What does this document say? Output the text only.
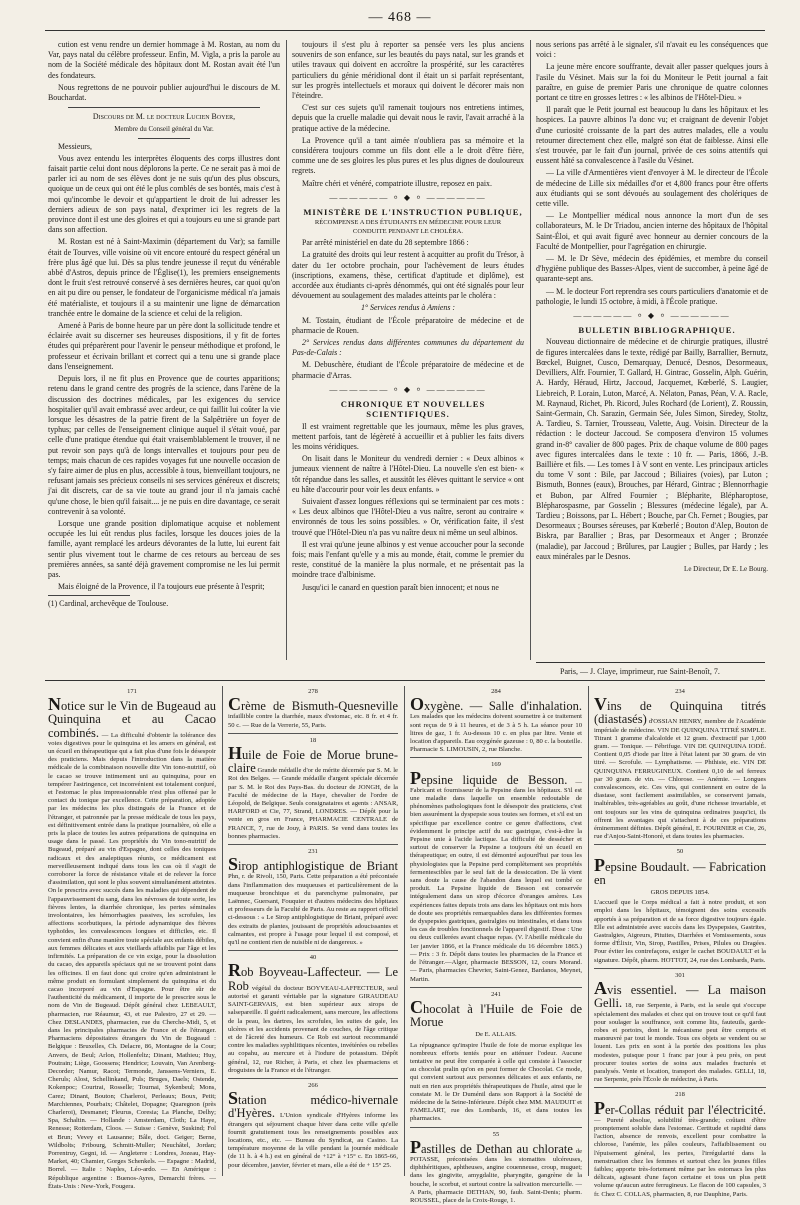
— 468 —

cution est venu rendre un dernier hommage à M. Rostan, au nom du Var, pays natal du célèbre professeur. Enfin, M. Vigla, a pris la parole au nom de la Société médicale des hôpitaux dont M. Rostan avait été l'un des fondateurs.

Nous regrettons de ne pouvoir publier aujourd'hui le discours de M. Bouchardat.

Discours de M. le docteur Lucien Boyer,

Membre du Conseil général du Var.

Messieurs,

Vous avez entendu les interprètes éloquents des corps illustres dont faisait partie celui dont nous déplorons la perte. Ce ne serait pas à moi de parler ici au nom de ses élèves dont je ne suis qu'un des plus obscurs, quoique un de ceux qui ont été le plus comblés de ses bontés, mais c'est à moi qu'incombe le devoir et qu'appartient le droit de lui adresser les derniers adieux de son pays natal, d'exprimer ici les regrets de la province dont il est une des gloires et qui a toujours eu une si grande part dans son affection.

M. Rostan est né à Saint-Maximin (département du Var); sa famille était de Tourves, ville voisine où vit encore entouré du respect général un frère plus âgé que lui. Dès sa plus tendre jeunesse il reçut du vénérable abbé d'Astros, depuis prince de l'Église(1), les premiers enseignements dont le fruit s'est retrouvé conservé à ses dernières heures, car quoi qu'on en ait pu dire ou penser, le fondateur de l'organicisme médical n'a jamais été matérialiste, et toujours il a su maintenir une ligne de démarcation tranchée entre le domaine de la science et celui de la religion.

Amené à Paris de bonne heure par un père dont la sollicitude tendre et éclairée avait su discerner ses heureuses dispositions, il y fit de fortes études qui préparèrent pour l'avenir le penseur méthodique et profond, le professeur et écrivain brillant et correct qui a tenu une si grande place dans l'enseignement.

Depuis lors, il ne fit plus en Provence que de courtes apparitions; retenu dans le grand centre des progrès de la science, dans l'arène de la discussion des doctrines médicales, par les exigences du service hospitalier qu'il avait embrassé avec ardeur, ce qui faillit lui coûter la vie lorsque les désastres de la patrie firent de la Salpêtrière un foyer de typhus; par celles de l'enseignement clinique auquel il s'était voué, par celle d'une pratique étendue qui était vraisemblablement le trouver, il ne put revoir son pays qu'à de longs intervalles et toujours pour peu de temps; mais chacun de ces rapides voyages fut une nouvelle occasion de s'y faire aimer de plus en plus, accessible à tous, bienveillant toujours, ne refusant jamais ses précieux conseils ni ses services généreux et discrets; j'ai dit discrets, car de sa vie toute au grand jour il n'a jamais caché qu'une chose, le bien qu'il faisait.... je ne puis en dire davantage, ce serait contrevenir à sa volonté.

Lorsque une grande position diplomatique acquise et noblement occupée les lui eût rendus plus faciles, lorsque les douces joies de la famille, ayant remplacé les ardeurs dévorantes de la lutte, lui eurent fait sentir plus vivement tout le charme de ces retours au berceau de ses premières années, sa santé déjà gravement compromise ne les lui permit pas.

Mais éloigné de la Provence, il l'a toujours eue présente à l'esprit;

(1) Cardinal, archevêque de Toulouse.

toujours il s'est plu à reporter sa pensée vers les plus anciens souvenirs de son enfance, sur les beautés du pays natal, sur les grands et utiles travaux qui doivent en accroître la prospérité, sur les caractères particuliers du génie méridional dont il était un si parfait représentant, sur les progrès intellectuels et moraux qui doivent le décorer mais non l'éteindre.

C'est sur ces sujets qu'il ramenait toujours nos entretiens intimes, depuis que la cruelle maladie qui devait nous le ravir, l'avait arraché à la pratique active de la médecine.

La Provence qu'il a tant aimée n'oubliera pas sa mémoire et la considérera toujours comme un fils dont elle a le droit d'être fière, comme une de ses gloires les plus pures et les plus dignes de douloureux regrets.

Maître chéri et vénéré, compatriote illustre, reposez en paix.

—————— ⸰ ◆ ⸰ ——————

MINISTÈRE DE L'INSTRUCTION PUBLIQUE,

RÉCOMPENSE A DES ÉTUDIANTS EN MÉDECINE POUR LEUR CONDUITE PENDANT LE CHOLÉRA.

Par arrêté ministériel en date du 28 septembre 1866 :

La gratuité des droits qui leur restent à acquitter au profit du Trésor, à dater du 1er octobre prochain, pour l'achèvement de leurs études (inscriptions, examens, thèse, certificat d'aptitude et diplôme), est accordée aux étudiants ci-après dénommés, qui ont été signalés pour leur dévouement au soulagement des malades atteints par le choléra :

1° Services rendus à Amiens :

M. Tostain, étudiant de l'École préparatoire de médecine et de pharmacie de Rouen.

2° Services rendus dans différentes communes du département du Pas-de-Calais :

M. Debuschère, étudiant de l'École préparatoire de médecine et de pharmacie d'Arras.

—————— ⸰ ◆ ⸰ ——————

CHRONIQUE ET NOUVELLES SCIENTIFIQUES.

Il est vraiment regrettable que les journaux, même les plus graves, mettent parfois, tant de légèreté à accueillir et à publier les faits divers les moins véridiques.

On lisait dans le Moniteur du vendredi dernier : « Deux albinos « jumeaux viennent de naître à l'Hôtel-Dieu. La nouvelle s'en est bien- « tôt répandue dans les salles, et aussitôt les élèves quittant le service « ont eu hâte d'accourir pour voir les deux enfants. »

Suivaient d'assez longues réflexions qui se terminaient par ces mots : « Les deux albinos que l'Hôtel-Dieu a vus naître, seront au contraire « environnés de tous les soins possibles. » Or, vérification faite, il s'est trouvé que l'Hôtel-Dieu n'a pas vu naître deux ni même un seul albinos.

Il est vrai qu'une jeune albinos y est venue accoucher pour la seconde fois; mais l'enfant qu'elle y a mis au monde, était, comme le premier du reste, constitué de la manière la plus normale, et ne présentait pas la moindre trace d'albinisme.

Jusqu'ici le canard en question paraît bien innocent; et nous ne

nous serions pas arrêté à le signaler, s'il n'avait eu les conséquences que voici :

La jeune mère encore souffrante, devait aller passer quelques jours à l'asile du Vésinet. Mais sur la foi du Moniteur le Petit journal a fait paraître, en guise de premier Paris une chronique de quatre colonnes portant ce titre en grosses lettres : « les albinos de l'Hôtel-Dieu. »

Il paraît que le Petit journal est beaucoup lu dans les hôpitaux et les hospices. La pauvre albinos l'a donc vu; et craignant de devenir l'objet d'une curiosité croissante de la part des autres malades, elle a voulu retourner directement chez elle, malgré son état de faiblesse. Ainsi elle s'est trouvée, par le fait d'un journal, privée de ces soins attentifs qui eussent hâté sa convalescence à l'asile du Vésinet.

— La ville d'Armentières vient d'envoyer à M. le directeur de l'École de médecine de Lille six médailles d'or et 4,800 francs pour être offerts aux étudiants qui se sont dévoués au soulagement des cholériques de cette ville.

— Le Montpellier médical nous annonce la mort d'un de ses collaborateurs, M. le Dr Triadou, ancien interne des hôpitaux de l'hôpital Saint-Éloi, et qui avait figuré avec honneur au dernier concours de la Faculté de Montpellier, pour l'agrégation en chirurgie.

— M. le Dr Sève, médecin des épidémies, et membre du conseil d'hygiène publique des Basses-Alpes, vient de succomber, à peine âgé de quarante-sept ans.

— M. le docteur Fort reprendra ses cours particuliers d'anatomie et de pathologie, le lundi 15 octobre, à midi, à l'École pratique.

—————— ⸰ ◆ ⸰ ——————

BULLETIN BIBLIOGRAPHIQUE.

Nouveau dictionnaire de médecine et de chirurgie pratiques, illustré de figures intercalées dans le texte, rédigé par Bailly, Barrallier, Bernutz, Bœckel, Buignet, Cusco, Demarquay, Denucé, Desnos, Desormeaux, Devilliers, Alfr. Fournier, T. Gallard, H. Gintrac, Gosselin, Alph. Guérin, A. Hardy, Héraud, Hirtz, Jaccoud, Jacquemet, Kœberlé, S. Laugier, Liebreich, P. Lorain, Luton, Marcé, A. Nélaton, Panas, Péan, V. A. Racle, M. Raynaud, Richet, Ph. Ricord, Jules Rochard (de Lorient), Z. Roussin, Saint-Germain, Ch. Sarazin, Germain Sée, Jules Simon, Siredey, Stoltz, A. Tardieu, S. Tarnier, Trousseau, Valette, Aug. Voisin. Directeur de la rédaction : le docteur Jaccoud. Se composera d'environ 15 volumes grand in-8° cavalier de 800 pages. Prix de chaque volume de 800 pages avec figures intercalées dans le texte : 10 fr. — Paris, 1866, J.-B. Baillière et fils. — Les tomes I à V sont en vente. Les principaux articles du tome V sont : Bile, par Jaccoud ; Biliaires (voies), par Luton ; Bismuth, Bonnes (eaux), Brouches, par Hérard, Gintrac ; Blennorrhagie et Bubon, par Alfred Fournier ; Blépharite, Blépharoptose, Blépharospasme, par Gosselin ; Blessures (médecine légale), par A. Tardieu ; Boissons, par L. Hébert ; Bouche, par Ch. Fernet ; Bougies, par Desormeaux ; Bourses séreuses, par Kœberlé ; Bouton d'Alep, Bouton de Biskra, par Barallier ; Bras, par Desormeaux et Anger ; Bronzée (maladie), par Jaccoud ; Brûlures, par Laugier ; Bulles, par Hardy ; les eaux minérales par le Desnos.

Le Directeur, Dr E. Le Bourg.

Paris, — J. Claye, imprimeur, rue Saint-Benoît, 7.
171

Notice sur le Vin de Bugeaud au Quinquina et au Cacao combinés. — La difficulté d'obtenir la tolérance des voies digestives pour le quinquina et les amers en général, est un écueil en thérapeutique qui a fait plus d'une fois le désespoir des praticiens. Mais depuis l'introduction dans la matière médicale de la combinaison nouvelle dite Vin tono-nutritif, où le cacao se trouve intimement uni au quinquina, pour en tempérer l'astringence, cet inconvénient est totalement conjuré, et l'estomac le plus impressionnable n'est plus offensé par le contact du tonique par excellence. Cette préparation, adoptée par les médecins les plus distingués de la France et de l'étranger, et patronnée par la presse médicale de tous les pays, est définitivement entrée dans la pratique journalière, où elle a pris la place de toutes les autres préparations de quinquina en usage dans le passé. Les propriétés du Vin tono-nutritif de Bugeaud, préparé au vin d'Espagne, dont celles des toniques radicaux et des analeptiques réunis, ce médicament est merveilleusement indiqué dans tous les cas où il s'agit de corroborer la force de résistance vitale et de relever la force d'assimilation, qui sont le plus souvent simultanément atteintes. On le prescrira avec succès dans les maladies qui dépendent de l'appauvrissement du sang, dans les névroses de toute sorte, les fièvres lentes, la diarrhée chronique, les pertes séminales involontaires, les hémorrhagies passives, les scrofules, les affections scorbutiques, la période adynamique des fièvres typhoïdes, les convalescences longues et difficiles, etc. Il convient enfin d'une manière toute spéciale aux enfants débiles, aux femmes délicates et aux vieillards affaiblis par l'âge et les infirmités. La préparation de ce vin exige, pour la dissolution du cacao, des appareils spéciaux qui ne se trouvent point dans les officines. Il en faut donc qui croire qu'en administrant le même produit en formulant simplement du quinquina et du cacao incorporé au vin d'Espagne. Pour être sûr de l'authenticité du médicament, il importe de le prescrire sous le nom de Vin de Bugeaud. Dépôt général chez LEBEAULT, pharmacien, rue Réaumur, 43, et rue Palestro, 27 et 29. — Chez DESLANDES, pharmacien, rue du Cherche-Midi, 5, et dans les principales pharmacies de France et de l'étranger. Pharmaciens dépositaires étrangers du Vin de Bugeaud : Belgique : Bruxelles, Ch. Delacre, 86, Montagne de la Cour; Anvers, de Beul; Arlon, Hollenfeltz; Dinant, Mathieu; Huy, Poutrain; Liège, Goossens; Hendrice; Louvain, Van Arenberg-Decorder; Namur, Racot; Termonde, Janssens-Verniers, E. Cheruls; Alost, Schellinkand, Puls; Bruges, Daels; Ostende, Kokenpoc; Courtrai, Rosselle; Tournai, Sykenbeul; Mons, Carez; Dinant, Bouton; Charleroi, Perleaux; Boux, Petit; Marchiennes, Pourbaix; Châtelet, Dopagne; Quaregnon (près Charleroi), Desmanet; Fleurus, Coresia; La Planche, Delhy; Spa, Schaltin. — Hollande : Amsterdam, Cloth; La Haye, Renesse; Rotterdam, Cloos. — Suisse : Genève, Suskind; Fol et Brun; Vevey et Lausanne; Bâle, doct. Geiger; Berne, Wildbolts; Fribourg, Schmitt-Muller; Neuchâtel, Jordan; Porrentruy, Gegni, id. — Angleterre : Londres, Jozeau, Hay-Market, 40; Chamier, Gorges Schenkels. — Espagne : Madrid, Borrel. — Italie : Naples, Léo-ardo. — En Amérique : République argentine : Buenos-Ayres, Demarchi frères. — États-Unis : New-York, Fougera.

278

Crème de Bismuth-Quesneville infaillible contre la diarrhée, maux d'estomac, etc. 8 fr. et 4 fr. 50 c. — Rue de la Verrerie, 55, Paris.

18

Huile de Foie de Morue brune-claire Grande médaille d'or de mérite décernée par S. M. le Roi des Belges. — Grande médaille d'argent spéciale décernée par S. M. le Roi des Pays-Bas. du docteur de JONGH, de la Faculté de médecine de la Haye, chevalier de l'ordre de Léopold, de Belgique. Seuls consignataires et agents : ANSAR, HARFORD et Cie, 77, Strand, LONDRES. — Dépôt pour la vente en gros en France, PHARMACIE CENTRALE de FRANCE, 7, rue de Jouy, à PARIS. Se vend dans toutes les bonnes pharmacies.

231

Sirop antiphlogistique de Briant Phn, r. de Rivoli, 150, Paris. Cette préparation a été préconisée dans l'inflammation des muqueuses et particulièrement de la muqueuse bronchique et du parenchyme pulmonaire, par Laënnec, Guersant, Fouquier et d'autres médecins des hôpitaux et professeurs de la Faculté de Paris. Au reste au rapport officiel ci-dessous : « Le Sirop antiphlogistique de Briant, préparé avec des extraits de plantes, jouissant de propriétés adoucissantes et calmantes, est propre à l'usage pour lequel il est composé, et qu'il ne contient rien de nuisible ni de dangereux. »

40

Rob Boyveau-Laffecteur. — Le Rob végétal du docteur BOYVEAU-LAFFECTEUR, seul autorisé et garanti véritable par la signature GIRAUDEAU SAINT-GERVAIS, est bien supérieur aux sirops de salsepareille. Il guérit radicalement, sans mercure, les affections de la peau, les dartres, les scrofules, les suites de gale, les ulcères et les accidents provenant de couches, de l'âge critique et de l'âcreté des humeurs. Ce Rob est surtout recommandé contre les maladies syphilitiques récentes, invétérées ou rebelles au copahu, au mercure et à l'iodure de potassium. Dépôt général, 12, rue Richer, à Paris, et chez les pharmaciens et droguistes de la France et de l'étranger.

266

Station médico-hivernale d'Hyères. L'Union syndicale d'Hyères informe les étrangers qui séjournent chaque hiver dans cette ville qu'elle fournit gratuitement tous les renseignements possibles aux locations, etc., etc. — Bureau du Syndicat, au Casino. La température moyenne de la ville pendant la journée médicale (de 11 h. à 4 h.) est en général de +12° à +15° c. En 1865-66, pour décembre, janvier, février et mars, elle a été de + 15° 25.

284

Oxygène. — Salle d'inhalation. Les malades que les médecins doivent soumettre à ce traitement sont reçus de 9 à 11 heures, et de 3 à 5 h. La séance pour 10 litres de gaz, 1 fr. Au-dessus 10 c. en plus par litre. Vente et location d'appareils. Eau oxygénée gazeuse : 0, 80 c. la bouteille. Pharmacie S. LIMOUSIN, 2, rue Blanche.

169

Pepsine liquide de Besson. — Fabricant et fournisseur de la Pepsine dans les hôpitaux. S'il est une maladie dans laquelle un ensemble redoutable de phénomènes pathologiques font le désespoir des praticiens, c'est bien assurément la dyspepsie sous toutes ses formes, et s'il est un spécifique par excellence contre ce genre d'affections, c'est évidemment le principe actif du suc gastrique, c'est-à-dire la Pepsine unie à l'acide lactique. La difficulté de dessécher et surtout de conserver la Pepsine a toujours été un écueil en thérapeutique; en outre, il est démontré aujourd'hui par tous les physiologistes que la Pepsine perd complètement ses propriétés fermentescibles par le seul fait de la dessiccation. De là vient sans doute la cause de l'abandon dans lequel est tombé ce produit. La Pepsine liquide de Besson est conservée intégralement dans un sirop d'écorce d'oranges amères. Les expériences faites depuis trois ans dans les hôpitaux ont mis hors de doute ses propriétés remarquables dans les différentes formes de dyspepsies gastriques, gastralgies ou intestinales, et dans tous les cas de troubles fonctionnels de l'appareil digestif. Dose : Une ou deux cuillerées avant chaque repas. (V. l'Abeille médicale du 1er janvier 1866, et la France médicale du 16 décembre 1865.) — Prix : 3 fr. Dépôt dans toutes les pharmacies de la France et de l'étranger.—Alger, pharmacie BESSON, 12, cours Morand. — Paris, pharmacies Chevrier, Saint-Genez, Bardanos, Meynet, Martin.

241

Chocolat à l'Huile de Foie de Morue

De E. ALLAIS.

La répugnance qu'inspire l'huile de foie de morue explique les nombreux efforts tentés pour en atténuer l'odeur. Aucune tentative ne peut être comparée à celle qui consiste à l'associer au chocolat pralin qu'on en peut former de Chocolat. Ce mode, qui convient surtout aux personnes délicates et aux enfants, ne nuit en rien aux propriétés thérapeutiques de l'huile, ainsi que le constate M. le Dr Duménil dans son Rapport à la Société de médecine de la Seine-Inférieure. Dépôt chez MM. MAUDUIT et FAMELART, rue des Lombards, 16, et dans toutes les pharmacies.

55

Pastilles de Dethan au chlorate de POTASSE, préconisées dans les stomatites ulcéreuses, diphthéritiques, aphtheuses, angine couenneuse, croup, muguet; dans les gingivite, amygdalite, pharyngite, gangrène de la bouche, le scorbut, et surtout contre la salivation mercurielle. — A Paris, pharmacie DETHAN, 90, faub. Saint-Denis; pharm. ROUSSEL, place de la Croix-Rouge, 1.

234

Vins de Quinquina titrés (diastasés) d'OSSIAN HENRY, membre de l'Académie impériale de médecine. VIN DE QUINQUINA TITRÉ SIMPLE. Titrant 1 gramme d'alcaloïde et 12 gram. d'extractif par 1,000 gram. — Tonique. — Fébrifuge. VIN DE QUINQUINA IODÉ. Contient 0,05 d'iode par litre à l'état latent par 30 gram. de vin titré. — Scrofule. — Lymphatisme. — Phthisie, etc. VIN DE QUINQUINA FERRUGINEUX. Contient 0,10 de sel ferreux par 30 gram. de vin. — Chlorose. — Anémie. — Longues convalescences, etc. Ces vins, qui contiennent en outre de la diastase, sont facilement assimilables, se conservent jamais, inaltérables, très-agréables au goût, d'une richesse invariable, et ont toujours sur les vins de quinquina ordinaires jusqu'ici, ils offrent les avantages qui s'attachent à de ces préparations éminemment définies. Dépôt général, E. FOURNIER et Cie, 26, rue d'Anjou-Saint-Honoré, et dans toutes les pharmacies.

50

Pepsine Boudault. — Fabrication en

GROS DEPUIS 1854.

L'accueil que le Corps médical a fait à notre produit, et son emploi dans les hôpitaux, témoignent des soins excessifs apportés à sa préparation et de sa force digestive toujours égale. Elle est administrée avec succès dans les Dyspepsies, Gastrites, Gastralgies, Aigreurs, Pituites, Diarrhées et Vomissements, sous forme d'Élixir, Vin, Sirop, Pastilles, Prises, Pilules ou Dragées. Pour éviter les contrefaçons, exiger le cachet BOUDAULT et la signature. Dépôt, pharm. HOTTOT, 24, rue des Lombards, Paris.

301

Avis essentiel. — La maison Gelli. 18, rue Serpente, à Paris, est la seule qui s'occupe spécialement des malades et chez qui on trouve tout ce qu'il faut pour soulager la souffrance, soit comme lits, fauteuils, garde-robes et portoirs, dont le mécanisme peut être compris et manœuvré par tout le monde. Tous ces objets se vendent ou se louent. Les prix en sont à la portée des positions les plus modestes, puisque pour 1 franc par jour à peu près, on peut procurer toutes sortes de soins aux malades fracturés et paralysés. Vente et location, transport des malades. GELLI, 18, rue Serpente, près l'École de médecine, à Paris.

218

Per-Collas réduit par l'électricité. — Pureté absolue, solubilité très-grande; coûtant d'être promptement soluble dans l'estomac. Certitude et rapidité dans l'action, absence de renvois, excellent pour combattre la chlorose, l'anémie, les pâles couleurs, l'affaiblissement ou l'épuisement général, les pertes, l'irrégularité dans la menstruation chez les femmes et surtout chez les jeunes filles faibles; apporte très-fortement même par les estomacs les plus délicats, agissant d'une façon certaine et tous un plus petit volume qu'aucun autre ferrugineux. Le flacon de 100 capsules, 3 fr. Chez C. COLLAS, pharmacien, 8, rue Dauphine, Paris.
